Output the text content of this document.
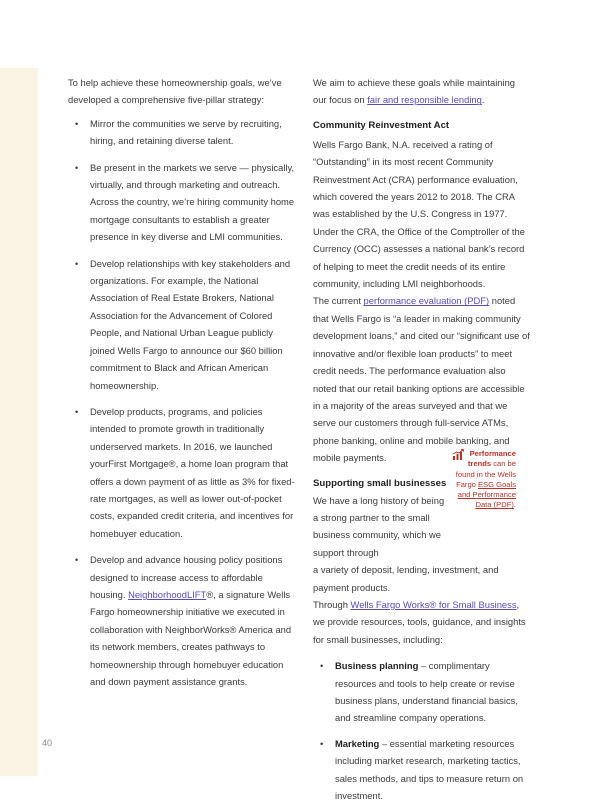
To help achieve these homeownership goals, we’ve developed a comprehensive five-pillar strategy:

• Mirror the communities we serve by recruiting, hiring, and retaining diverse talent.
• Be present in the markets we serve — physically, virtually, and through marketing and outreach. Across the country, we’re hiring community home mortgage consultants to establish a greater presence in key diverse and LMI communities.
• Develop relationships with key stakeholders and organizations. For example, the National Association of Real Estate Brokers, National Association for the Advancement of Colored People, and National Urban League publicly joined Wells Fargo to announce our $60 billion commitment to Black and African American homeownership.
• Develop products, programs, and policies intended to promote growth in traditionally underserved markets. In 2016, we launched yourFirst Mortgage®, a home loan program that offers a down payment of as little as 3% for fixed-rate mortgages, as well as lower out-of-pocket costs, expanded credit criteria, and incentives for homebuyer education.
• Develop and advance housing policy positions designed to increase access to affordable housing. NeighborhoodLIFT®, a signature Wells Fargo homeownership initiative we executed in collaboration with NeighborWorks® America and its network members, creates pathways to homeownership through homebuyer education and down payment assistance grants.

We aim to achieve these goals while maintaining our focus on fair and responsible lending.

Community Reinvestment Act

Wells Fargo Bank, N.A. received a rating of “Outstanding” in its most recent Community Reinvestment Act (CRA) performance evaluation, which covered the years 2012 to 2018. The CRA was established by the U.S. Congress in 1977. Under the CRA, the Office of the Comptroller of the Currency (OCC) assesses a national bank’s record of helping to meet the credit needs of its entire community, including LMI neighborhoods.

The current performance evaluation (PDF) noted that Wells Fargo is “a leader in making community development loans,” and cited our “significant use of innovative and/or flexible loan products” to meet credit needs. The performance evaluation also noted that our retail banking options are accessible in a majority of the areas surveyed and that we serve our customers through full-service ATMs, phone banking, online and mobile banking, and mobile payments.

Supporting small businesses

We have a long history of being a strong partner to the small business community, which we support through

a variety of deposit, lending, investment, and payment products.

Through Wells Fargo Works® for Small Business, we provide resources, tools, guidance, and insights for small businesses, including:

• Business planning – complimentary resources and tools to help create or revise business plans, understand financial basics, and streamline company operations.
• Marketing – essential marketing resources including market research, marketing tactics, sales methods, and tips to measure return on investment.
Performance trends can be found in the Wells Fargo ESG Goals and Performance Data (PDF).
40
